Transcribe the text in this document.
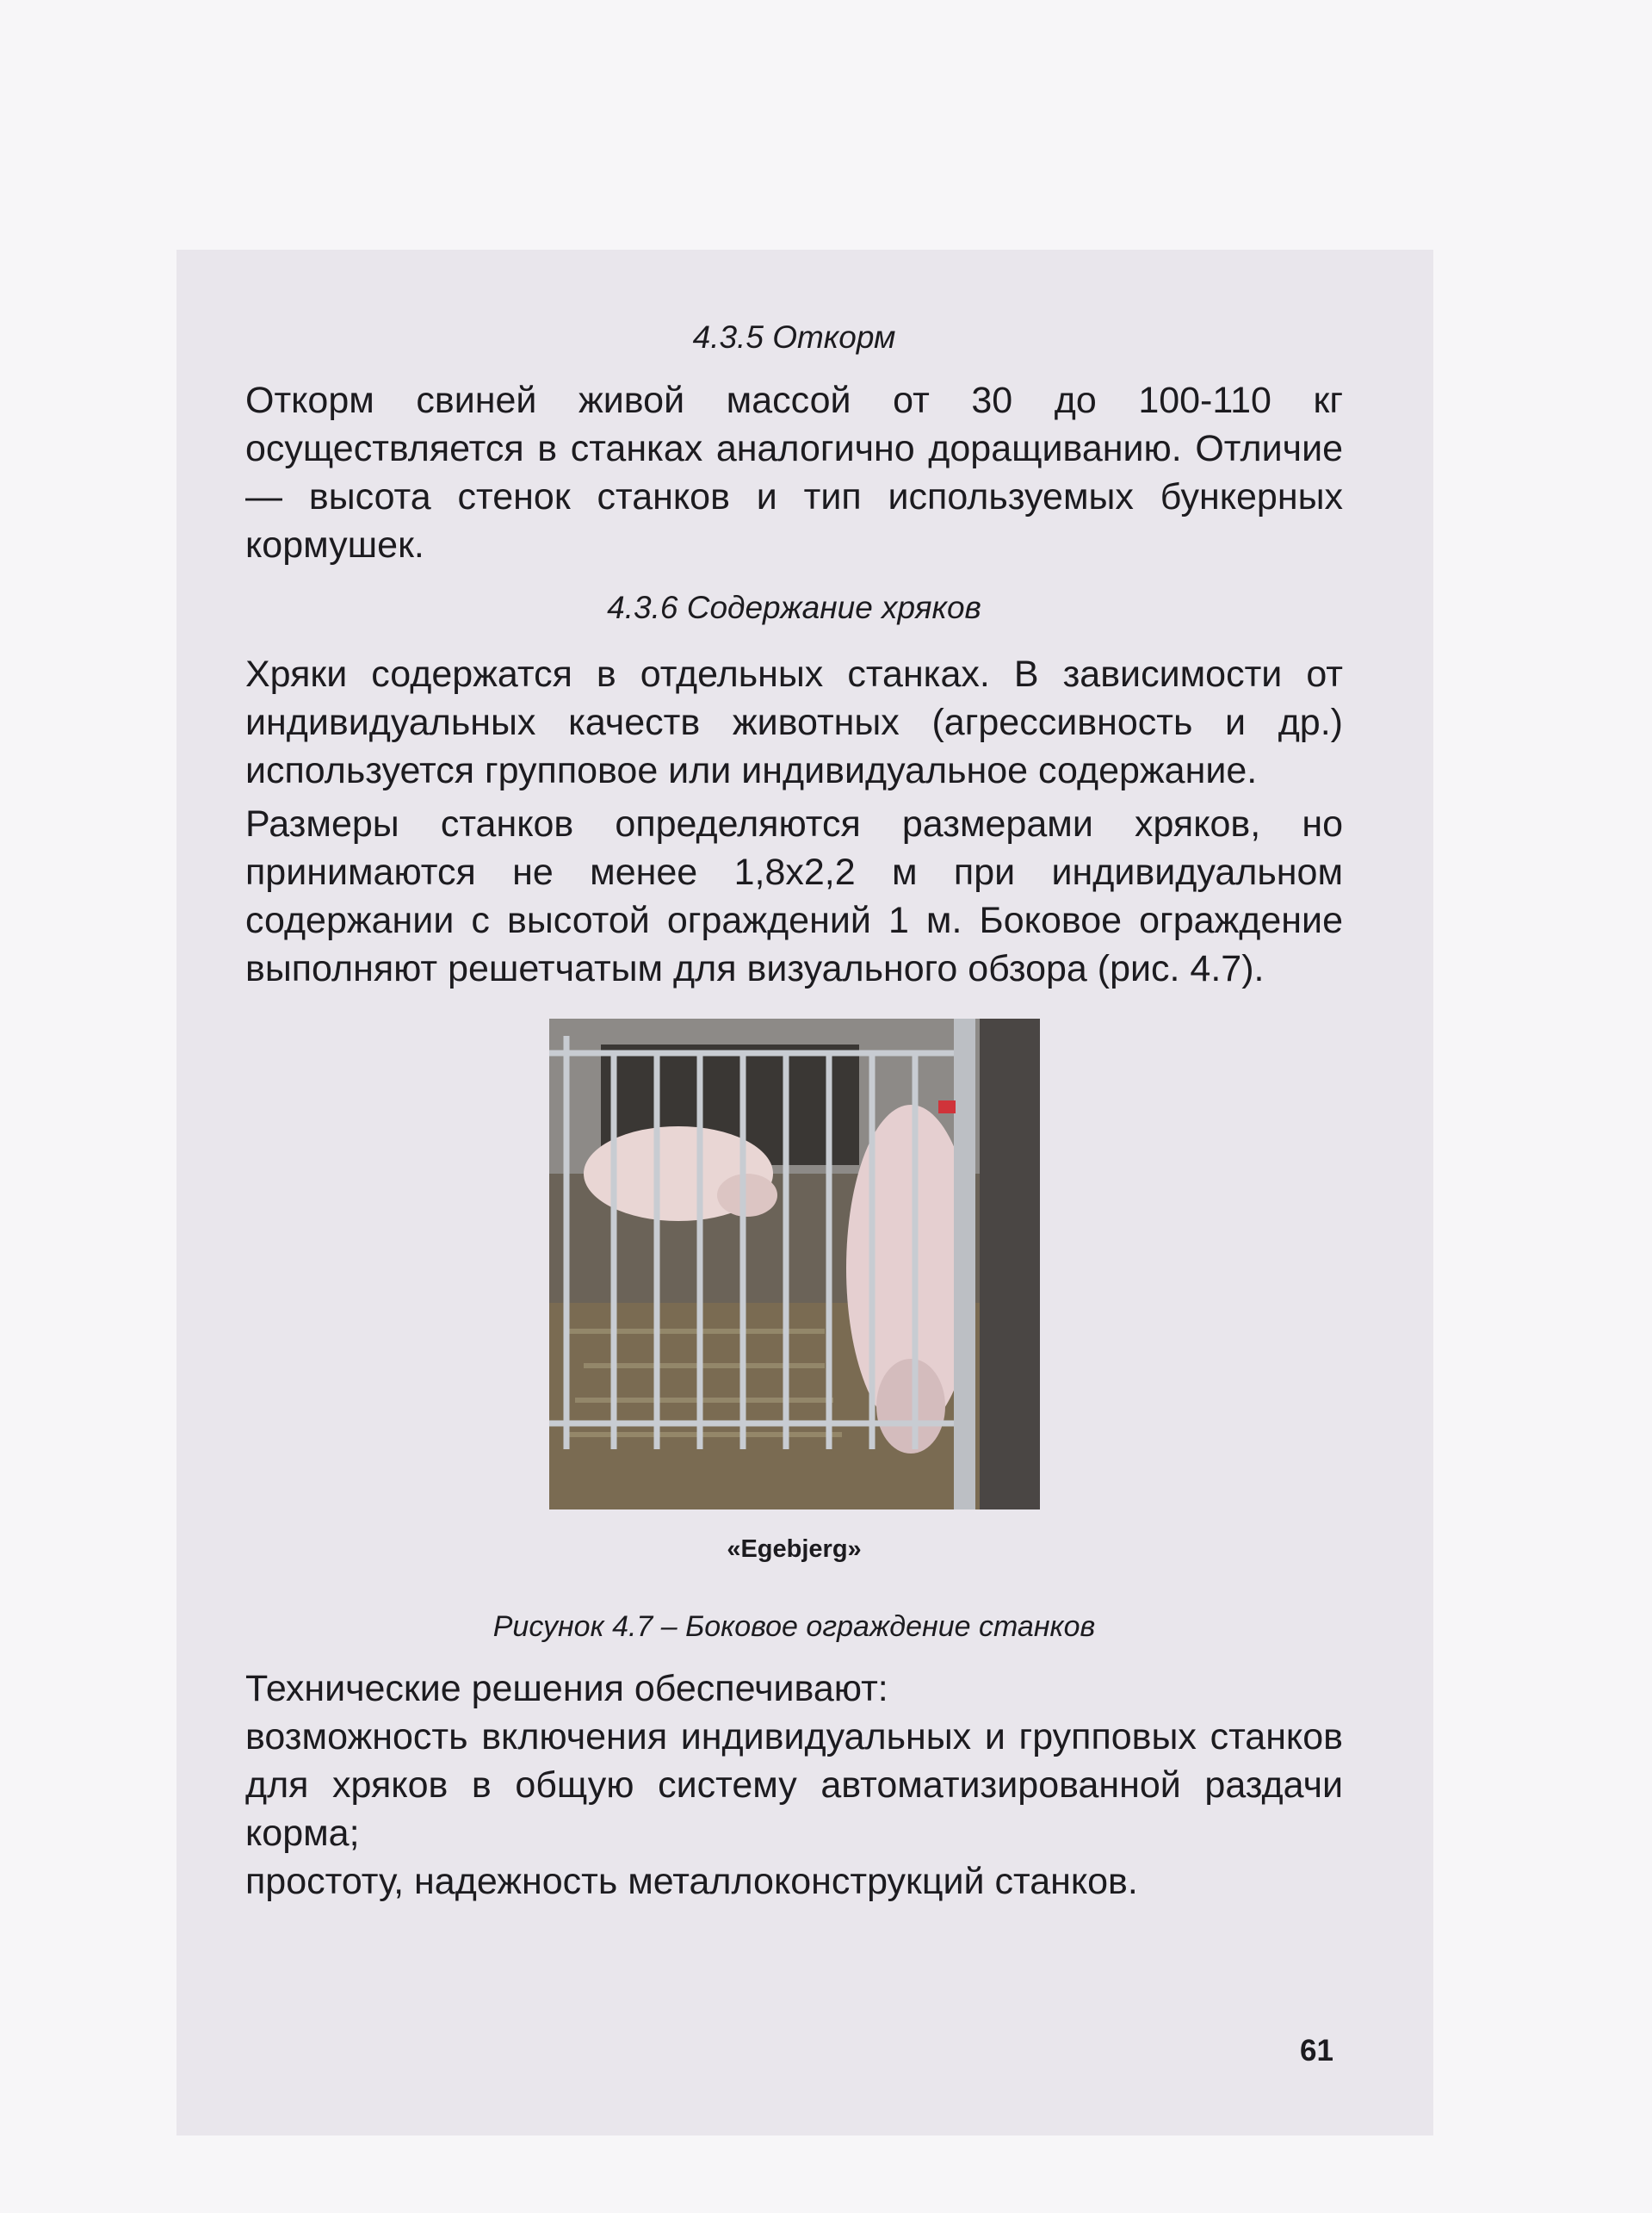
4.3.5 Откорм

Откорм свиней живой массой от 30 до 100-110 кг осуществляется в станках аналогично доращиванию. Отличие — высота стенок станков и тип используемых бункерных кормушек.

4.3.6 Содержание хряков

Хряки содержатся в отдельных станках. В зависимости от индивидуальных качеств животных (агрессивность и др.) используется групповое или индивидуальное содержание.

Размеры станков определяются размерами хряков, но принимаются не менее 1,8х2,2 м при индивидуальном содержании с высотой ограждений 1 м. Боковое ограждение выполняют решетчатым для визуального обзора (рис. 4.7).

«Egebjerg»
Рисунок 4.7 – Боковое ограждение станков

Технические решения обеспечивают:

возможность включения индивидуальных и групповых станков для хряков в общую систему автоматизированной раздачи корма;

простоту, надежность металлоконструкций станков.

61
